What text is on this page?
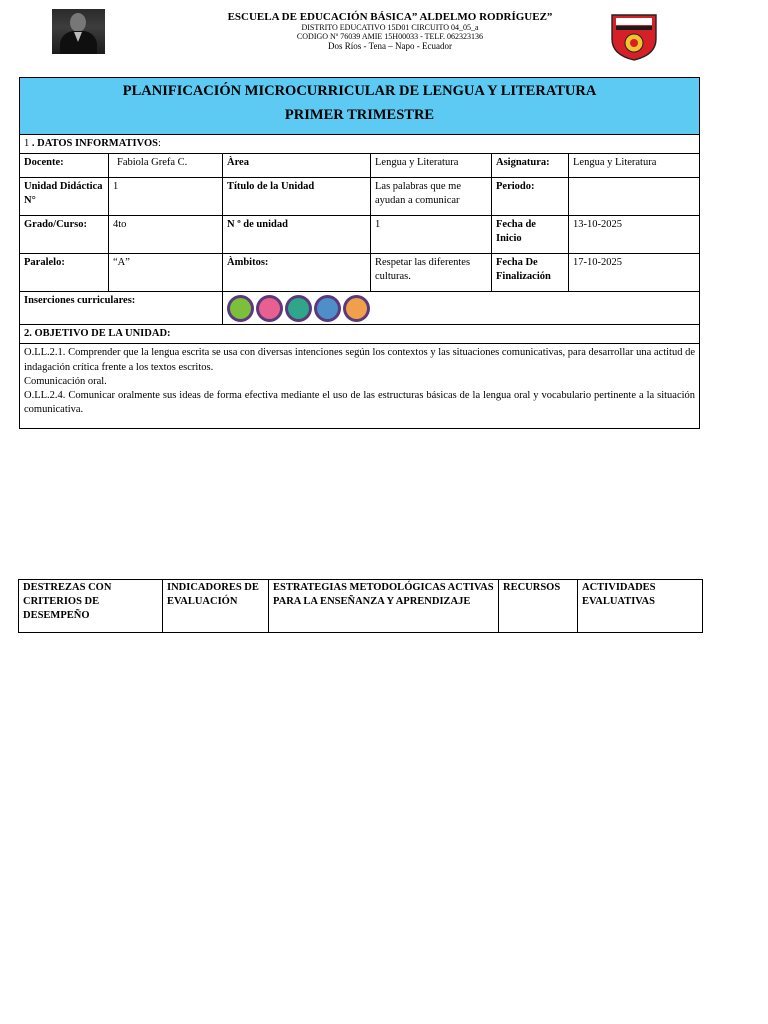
ESCUELA DE EDUCACIÓN BÁSICA” ALDELMO RODRÍGUEZ”
DISTRITO EDUCATIVO 15D01 CIRCUITO 04_05_a
CODIGO Nº 76039 AMIE 15H00033 - TELF. 062323136
Dos Ríos - Tena – Napo - Ecuador
PLANIFICACIÓN MICROCURRICULAR DE LENGUA Y LITERATURA
PRIMER TRIMESTRE					

1 . DATOS INFORMATIVOS:					
Docente:	Fabiola Grefa C.	Àrea	Lengua y Literatura	Asignatura:	Lengua y Literatura
Unidad Didáctica N°	1	Título de la Unidad	Las palabras que me ayudan a comunicar	Periodo:	
Grado/Curso:	4to	N º de unidad	1	Fecha de Inicio	13-10-2025
Paralelo:	“A”	Àmbitos:	Respetar las diferentes culturas.	Fecha De Finalización	17-10-2025
Inserciones curriculares:					

2. OBJETIVO DE LA UNIDAD:					

O.LL.2.1. Comprender que la lengua escrita se usa con diversas intenciones según los contextos y las situaciones comunicativas, para desarrollar una actitud de indagación crítica frente a los textos escritos.
Comunicación oral.
O.LL.2.4. Comunicar oralmente sus ideas de forma efectiva mediante el uso de las estructuras básicas de la lengua oral y vocabulario pertinente a la situación comunicativa.					
DESTREZAS CON CRITERIOS DE DESEMPEÑO	INDICADORES DE EVALUACIÓN	ESTRATEGIAS METODOLÓGICAS ACTIVAS PARA LA ENSEÑANZA Y APRENDIZAJE	RECURSOS	ACTIVIDADES EVALUATIVAS
